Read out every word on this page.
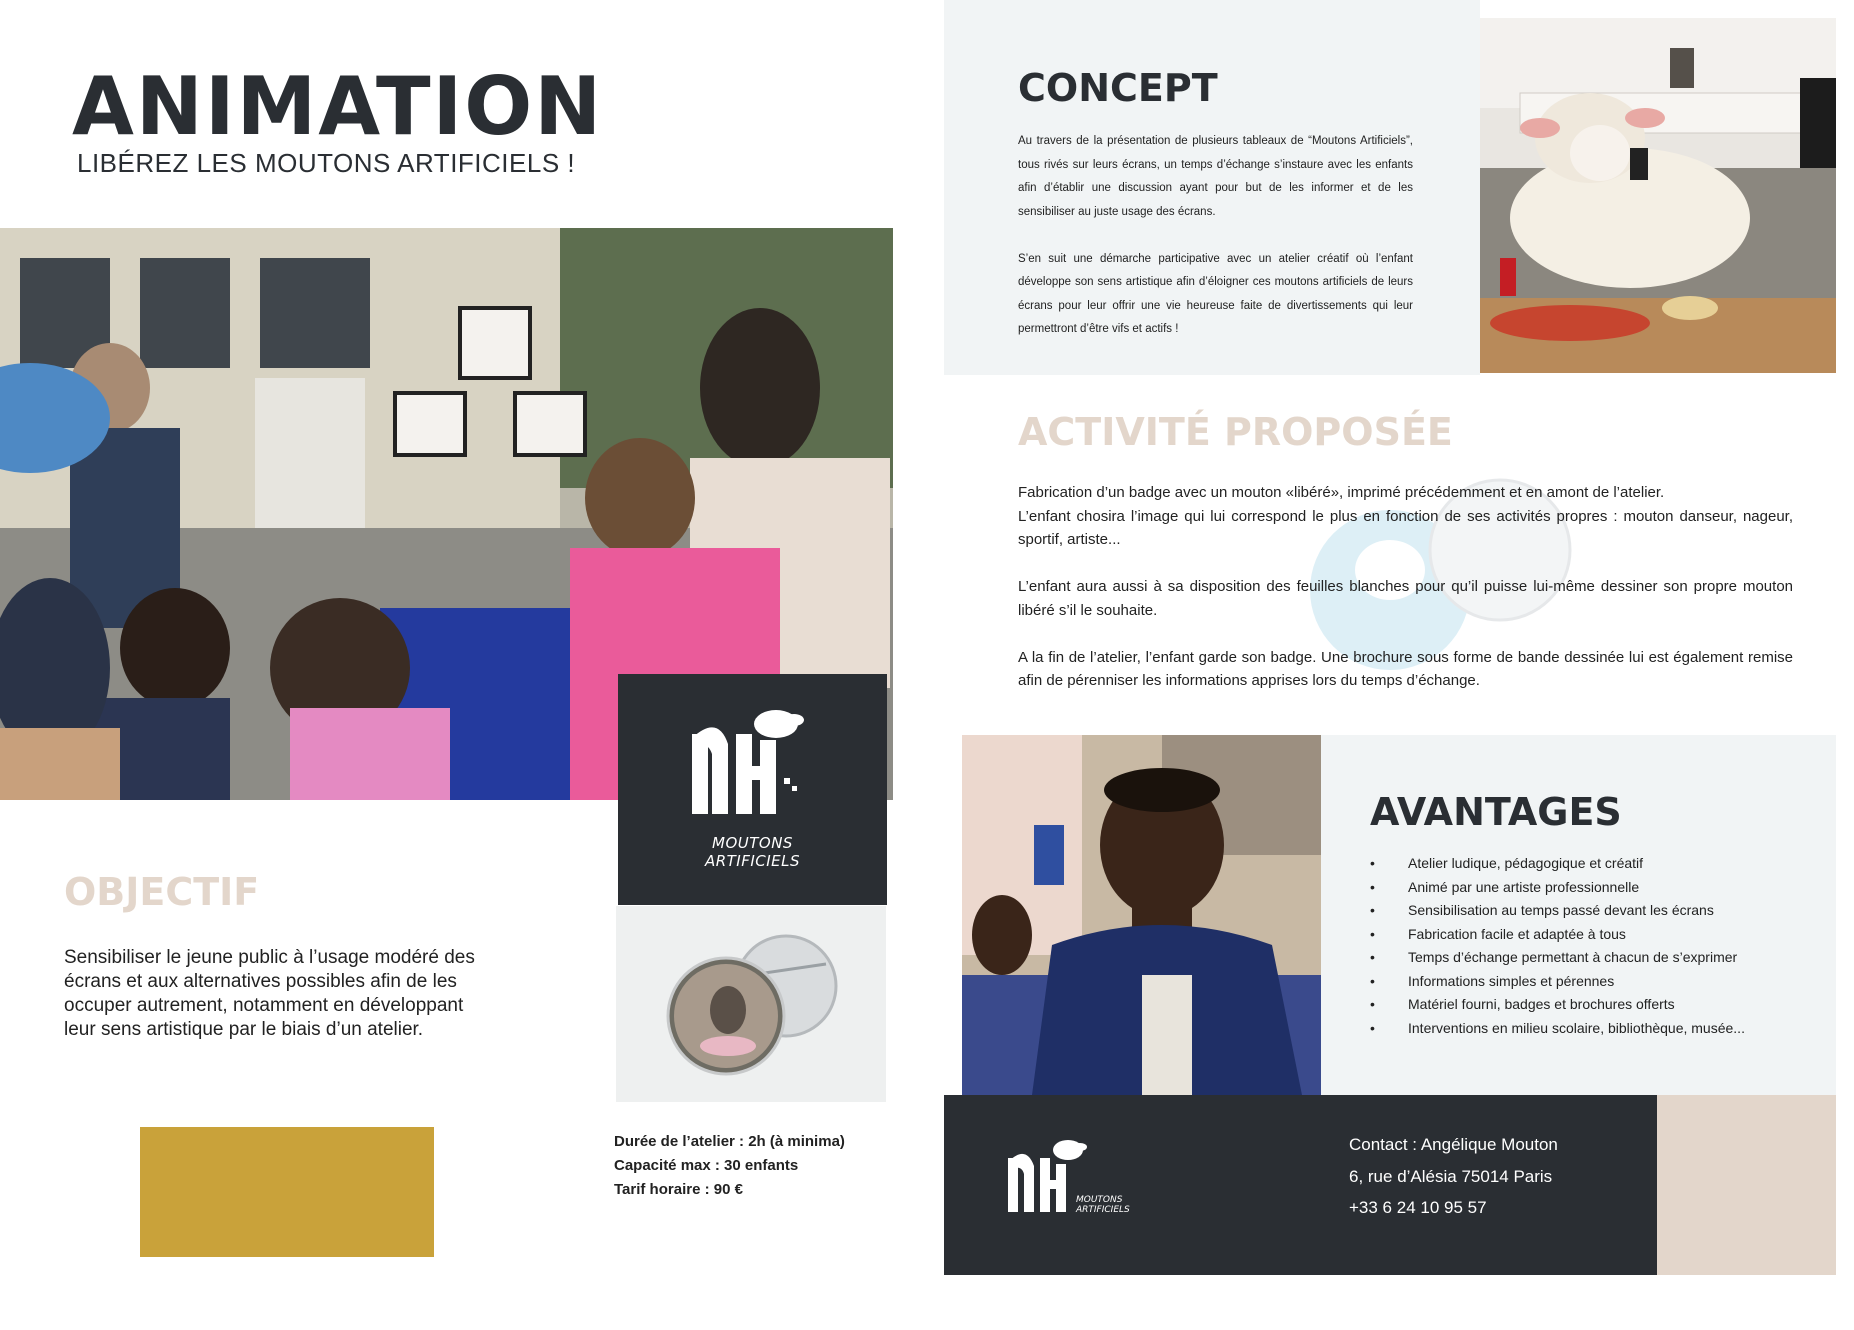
ANIMATION
LIBÉREZ LES MOUTONS ARTIFICIELS !
MOUTONS
ARTIFICIELS
OBJECTIF
Sensibiliser le jeune public à l’usage modéré des écrans et aux alternatives possibles afin de les occuper autrement, notamment en développant leur sens artistique par le biais d’un atelier.
Durée de l’atelier : 2h (à minima)
Capacité max : 30 enfants
Tarif horaire : 90 €
CONCEPT
Au travers de la présentation de plusieurs tableaux de “Moutons Artificiels”, tous rivés sur leurs écrans, un temps d’échange s’instaure avec les enfants afin d’établir une discussion ayant pour but de les informer et de les sensibiliser au juste usage des écrans.
S’en suit une démarche participative avec un atelier créatif où l’enfant développe son sens artistique afin d’éloigner ces moutons artificiels de leurs écrans pour leur offrir une vie heureuse faite de divertissements qui leur permettront d’être vifs et actifs !
ACTIVITÉ PROPOSÉE

Fabrication d’un badge avec un mouton «libéré», imprimé précédemment et en amont de l’atelier.
L’enfant chosira l’image qui lui correspond le plus en fonction de ses activités propres : mouton danseur, nageur, sportif, artiste...

L’enfant aura aussi à sa disposition des feuilles blanches pour qu’il puisse lui-même dessiner son propre mouton libéré s’il le souhaite.

A la fin de l’atelier, l’enfant garde son badge. Une brochure sous forme de bande dessinée lui est également remise afin de pérenniser les informations apprises lors du temps d’échange.

AVANTAGES
• Atelier ludique, pédagogique et créatif
• Animé par une artiste professionnelle
• Sensibilisation au temps passé devant les écrans
• Fabrication facile et adaptée à tous
• Temps d’échange permettant à chacun de s’exprimer
• Informations simples et pérennes
• Matériel fourni, badges et brochures offerts
• Interventions en milieu scolaire, bibliothèque, musée...
MOUTONS
ARTIFICIELS
Contact : Angélique Mouton
6, rue d’Alésia 75014 Paris
+33 6 24 10 95 57
